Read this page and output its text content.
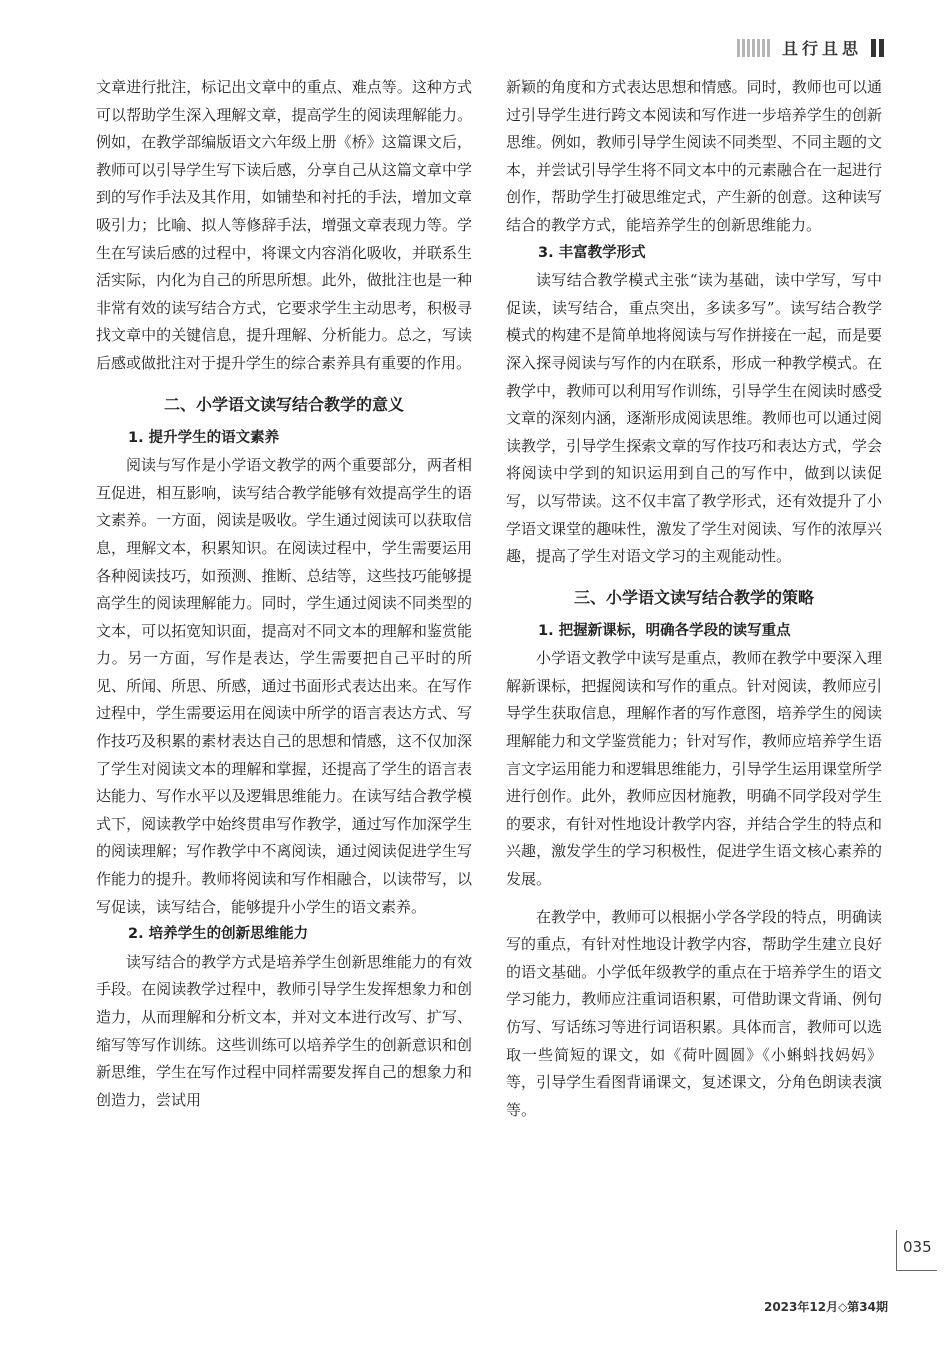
且行且思

文章进行批注，标记出文章中的重点、难点等。这种方式可以帮助学生深入理解文章，提高学生的阅读理解能力。例如，在教学部编版语文六年级上册《桥》这篇课文后，教师可以引导学生写下读后感，分享自己从这篇文章中学到的写作手法及其作用，如铺垫和衬托的手法，增加文章吸引力；比喻、拟人等修辞手法，增强文章表现力等。学生在写读后感的过程中，将课文内容消化吸收，并联系生活实际，内化为自己的所思所想。此外，做批注也是一种非常有效的读写结合方式，它要求学生主动思考，积极寻找文章中的关键信息，提升理解、分析能力。总之，写读后感或做批注对于提升学生的综合素养具有重要的作用。

二、小学语文读写结合教学的意义
1. 提升学生的语文素养

阅读与写作是小学语文教学的两个重要部分，两者相互促进，相互影响，读写结合教学能够有效提高学生的语文素养。一方面，阅读是吸收。学生通过阅读可以获取信息，理解文本，积累知识。在阅读过程中，学生需要运用各种阅读技巧，如预测、推断、总结等，这些技巧能够提高学生的阅读理解能力。同时，学生通过阅读不同类型的文本，可以拓宽知识面，提高对不同文本的理解和鉴赏能力。另一方面，写作是表达，学生需要把自己平时的所见、所闻、所思、所感，通过书面形式表达出来。在写作过程中，学生需要运用在阅读中所学的语言表达方式、写作技巧及积累的素材表达自己的思想和情感，这不仅加深了学生对阅读文本的理解和掌握，还提高了学生的语言表达能力、写作水平以及逻辑思维能力。在读写结合教学模式下，阅读教学中始终贯串写作教学，通过写作加深学生的阅读理解；写作教学中不离阅读，通过阅读促进学生写作能力的提升。教师将阅读和写作相融合，以读带写，以写促读，读写结合，能够提升小学生的语文素养。

2. 培养学生的创新思维能力

读写结合的教学方式是培养学生创新思维能力的有效手段。在阅读教学过程中，教师引导学生发挥想象力和创造力，从而理解和分析文本，并对文本进行改写、扩写、缩写等写作训练。这些训练可以培养学生的创新意识和创新思维，学生在写作过程中同样需要发挥自己的想象力和创造力，尝试用

新颖的角度和方式表达思想和情感。同时，教师也可以通过引导学生进行跨文本阅读和写作进一步培养学生的创新思维。例如，教师引导学生阅读不同类型、不同主题的文本，并尝试引导学生将不同文本中的元素融合在一起进行创作，帮助学生打破思维定式，产生新的创意。这种读写结合的教学方式，能培养学生的创新思维能力。

3. 丰富教学形式

读写结合教学模式主张“读为基础，读中学写，写中促读，读写结合，重点突出，多读多写”。读写结合教学模式的构建不是简单地将阅读与写作拼接在一起，而是要深入探寻阅读与写作的内在联系，形成一种教学模式。在教学中，教师可以利用写作训练，引导学生在阅读时感受文章的深刻内涵，逐渐形成阅读思维。教师也可以通过阅读教学，引导学生探索文章的写作技巧和表达方式，学会将阅读中学到的知识运用到自己的写作中，做到以读促写，以写带读。这不仅丰富了教学形式，还有效提升了小学语文课堂的趣味性，激发了学生对阅读、写作的浓厚兴趣，提高了学生对语文学习的主观能动性。

三、小学语文读写结合教学的策略
1. 把握新课标，明确各学段的读写重点

小学语文教学中读写是重点，教师在教学中要深入理解新课标，把握阅读和写作的重点。针对阅读，教师应引导学生获取信息，理解作者的写作意图，培养学生的阅读理解能力和文学鉴赏能力；针对写作，教师应培养学生语言文字运用能力和逻辑思维能力，引导学生运用课堂所学进行创作。此外，教师应因材施教，明确不同学段对学生的要求，有针对性地设计教学内容，并结合学生的特点和兴趣，激发学生的学习积极性，促进学生语文核心素养的发展。

在教学中，教师可以根据小学各学段的特点，明确读写的重点，有针对性地设计教学内容，帮助学生建立良好的语文基础。小学低年级教学的重点在于培养学生的语文学习能力，教师应注重词语积累，可借助课文背诵、例句仿写、写话练习等进行词语积累。具体而言，教师可以选取一些简短的课文，如《荷叶圆圆》《小蝌蚪找妈妈》等，引导学生看图背诵课文，复述课文，分角色朗读表演等。

035
2023年12月◇第34期
